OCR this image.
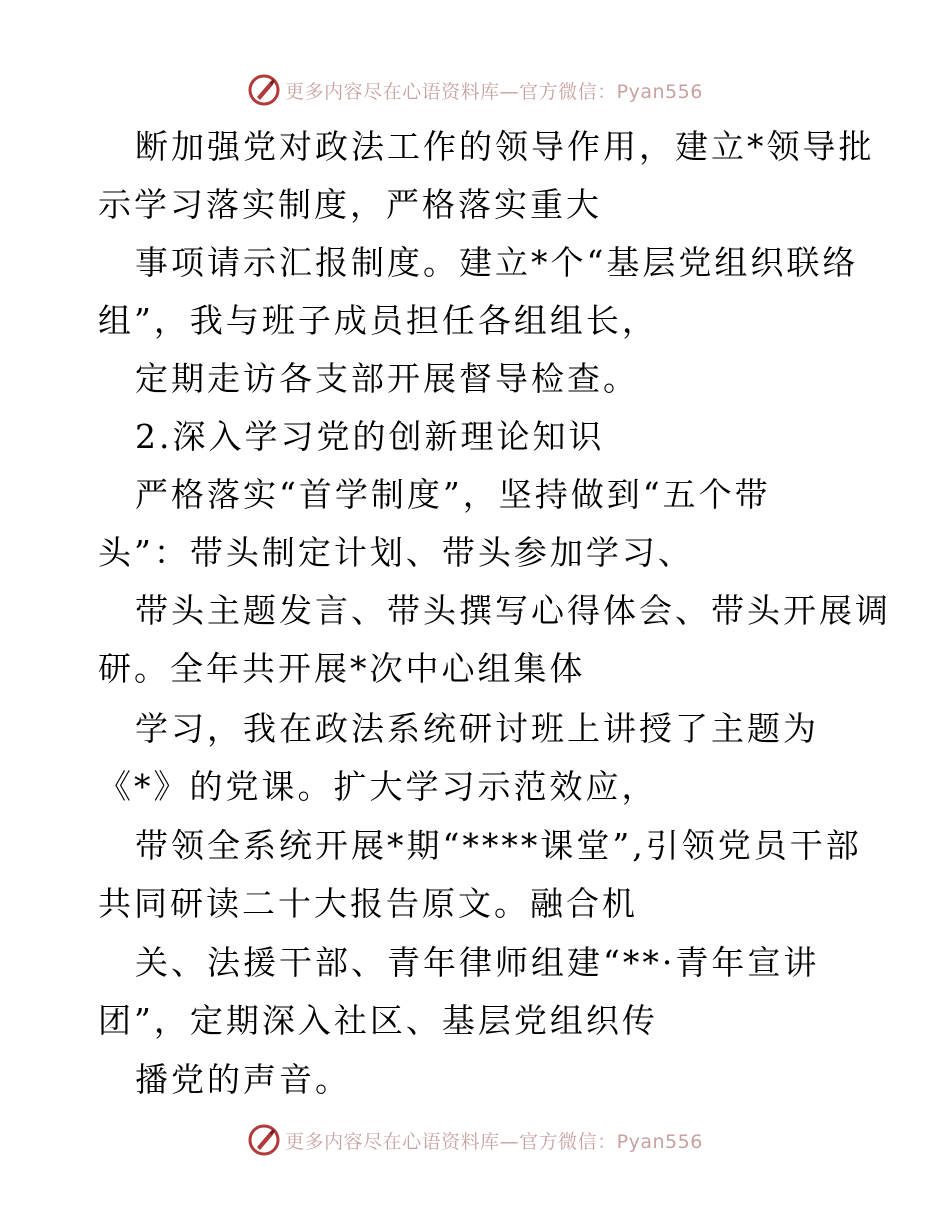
更多内容尽在心语资料库—官方微信：Pyan556
断加强党对政法工作的领导作用，建立*领导批
示学习落实制度，严格落实重大
事项请示汇报制度。建立*个“基层党组织联络
组”，我与班子成员担任各组组长，
定期走访各支部开展督导检查。
2.深入学习党的创新理论知识
严格落实“首学制度”，坚持做到“五个带
头”：带头制定计划、带头参加学习、
带头主题发言、带头撰写心得体会、带头开展调
研。全年共开展*次中心组集体
学习，我在政法系统研讨班上讲授了主题为
《*》的党课。扩大学习示范效应，
带领全系统开展*期“****课堂”,引领党员干部
共同研读二十大报告原文。融合机
关、法援干部、青年律师组建“**·青年宣讲
团”，定期深入社区、基层党组织传
播党的声音。
更多内容尽在心语资料库—官方微信：Pyan556
